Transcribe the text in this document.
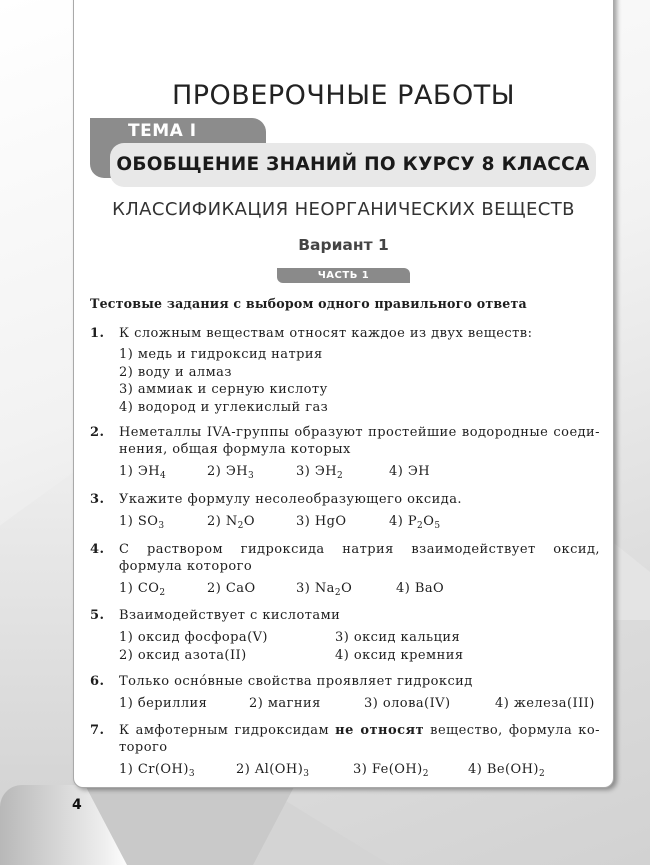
ПРОВЕРОЧНЫЕ РАБОТЫ
ТЕМА I
ОБОБЩЕНИЕ ЗНАНИЙ ПО КУРСУ 8 КЛАССА
КЛАССИФИКАЦИЯ НЕОРГАНИЧЕСКИХ ВЕЩЕСТВ
Вариант 1
ЧАСТЬ 1
Тестовые задания с выбором одного правильного ответа
1. К сложным веществам относят каждое из двух веществ:
1) медь и гидроксид натрия
2) воду и алмаз
3) аммиак и серную кислоту
4) водород и углекислый газ
2. Неметаллы IVA-группы образуют простейшие водородные соеди-нения, общая формула которых
1) $ЭН_4$	2) $ЭН_3$	3) $ЭН_2$	4) ЭН
3. Укажите формулу несолеобразующего оксида.
1) $SO_3$	2) $N_2O$	3) HgO	4) $P_2O_5$
4. С раствором гидроксида натрия взаимодействует оксид, формула которого
1) $CO_2$	2) CaO	3) $Na_2O$	4) BaO
5. Взаимодействует с кислотами
1) оксид фосфора(V)
2) оксид азота(II)
3) оксид кальция
4) оксид кремния
6. Только оснóвные свойства проявляет гидроксид
1) бериллия	2) магния	3) олова(IV)	4) железа(III)
7. К амфотерным гидроксидам не относят вещество, формула ко-торого
1) $Cr(OH)_3$	2) $Al(OH)_3$	3) $Fe(OH)_2$	4) $Be(OH)_2$
4
